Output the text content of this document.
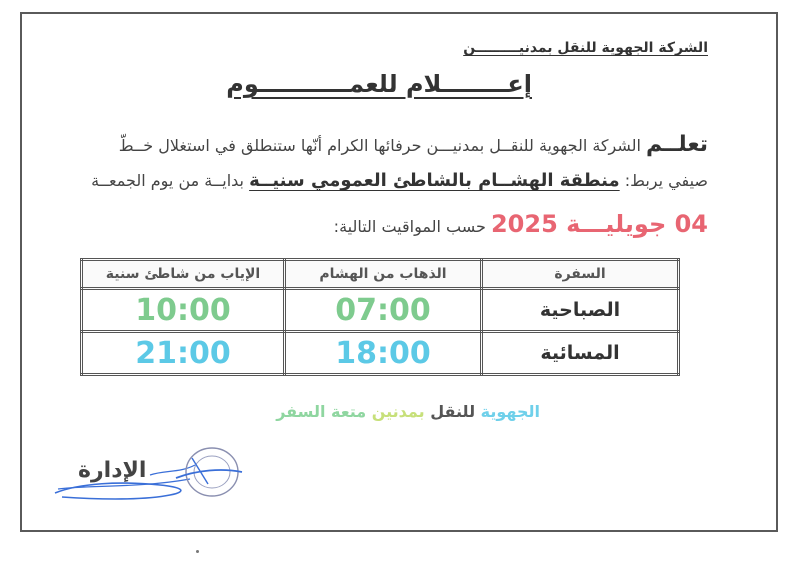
الشركة الجهوية للنقل بمدنيـــــــــن
إعــــــــلام للعمـــــــــــوم
تعلــم الشركة الجهوية للنقــل بمدنيـــن حرفائها الكرام أنّها ستنطلق في استغلال خــطّ
صيفي يربط: منطقة الهشــام بالشاطئ العمومي سنيــة بدايــة من يوم الجمعــة
04 جويليـــة 2025 حسب المواقيت التالية:
السفرة	الذهاب من الهشام	الإياب من شاطئ سنية
الصباحية	07:00	10:00
المسائية	18:00	21:00
الجهوية للنقل بمدنين متعة السفر
الإدارة
